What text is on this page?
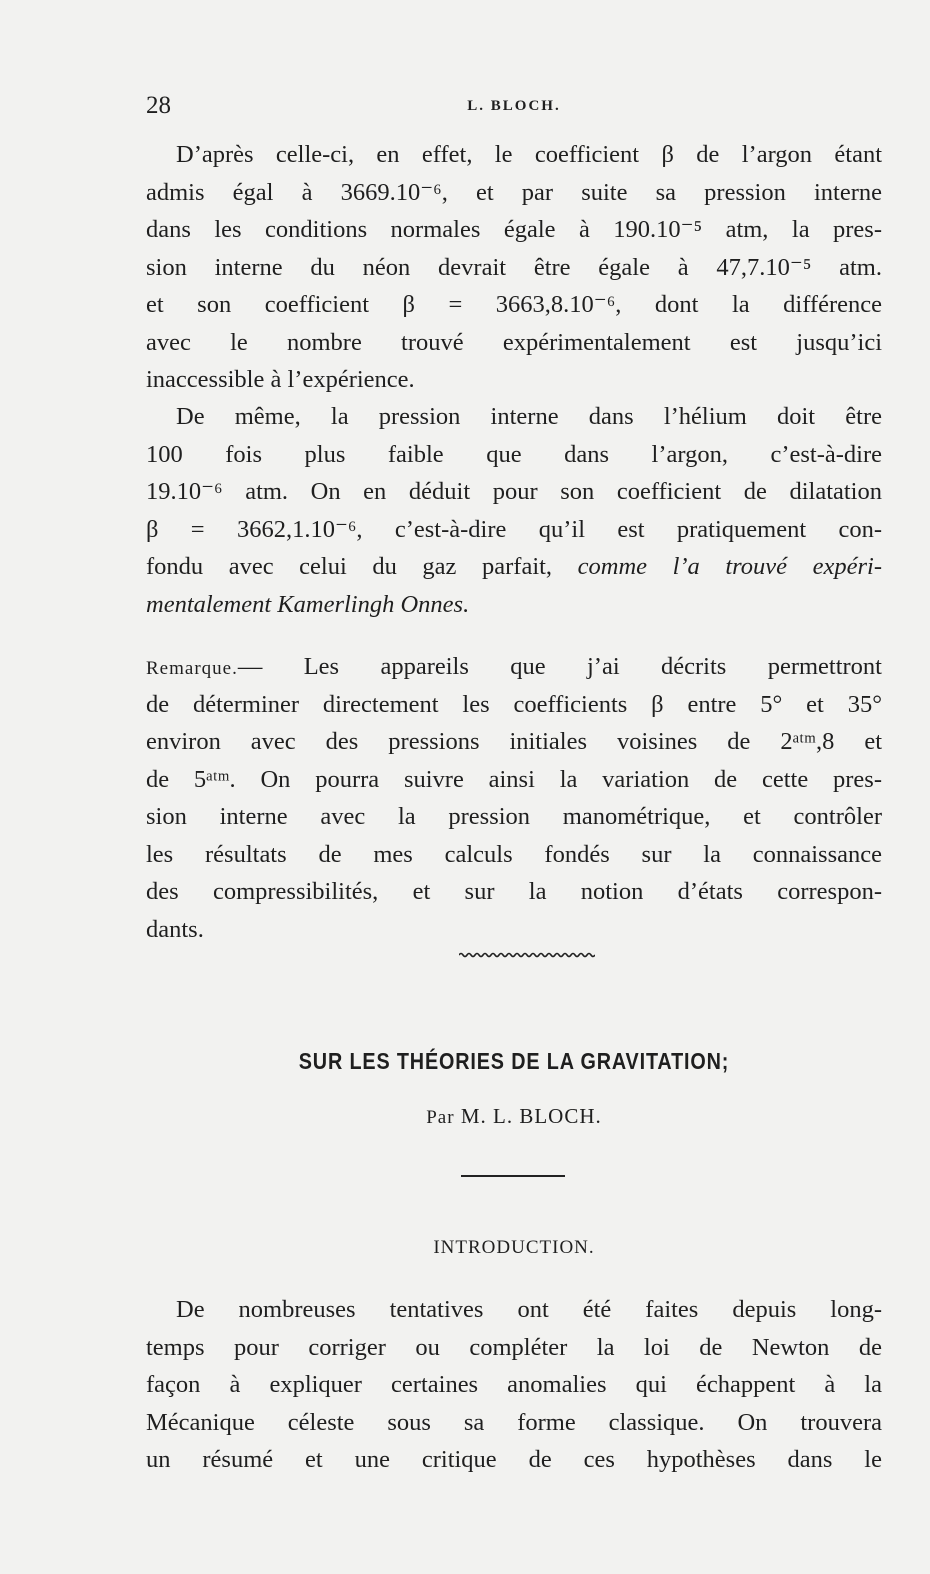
28	L. BLOCH.
D’après celle-ci, en effet, le coefficient β de l’argon étant
admis égal à 3669.10⁻⁶, et par suite sa pression interne
dans les conditions normales égale à 190.10⁻⁵ atm, la pres-
sion interne du néon devrait être égale à 47,7.10⁻⁵ atm.
et son coefficient β = 3663,8.10⁻⁶, dont la différence
avec le nombre trouvé expérimentalement est jusqu’ici
inaccessible à l’expérience.
De même, la pression interne dans l’hélium doit être
100 fois plus faible que dans l’argon, c’est-à-dire
19.10⁻⁶ atm. On en déduit pour son coefficient de dilatation
β = 3662,1.10⁻⁶, c’est-à-dire qu’il est pratiquement con-
fondu avec celui du gaz parfait, comme l’a trouvé expéri-
mentalement Kamerlingh Onnes.
Remarque.— Les appareils que j’ai décrits permettront
de déterminer directement les coefficients β entre 5° et 35°
environ avec des pressions initiales voisines de 2ᵃᵗᵐ,8 et
de 5ᵃᵗᵐ. On pourra suivre ainsi la variation de cette pres-
sion interne avec la pression manométrique, et contrôler
les résultats de mes calculs fondés sur la connaissance
des compressibilités, et sur la notion d’états correspon-
dants.
SUR LES THÉORIES DE LA GRAVITATION;
Par M. L. BLOCH.
INTRODUCTION.
De nombreuses tentatives ont été faites depuis long-
temps pour corriger ou compléter la loi de Newton de
façon à expliquer certaines anomalies qui échappent à la
Mécanique céleste sous sa forme classique. On trouvera
un résumé et une critique de ces hypothèses dans le
